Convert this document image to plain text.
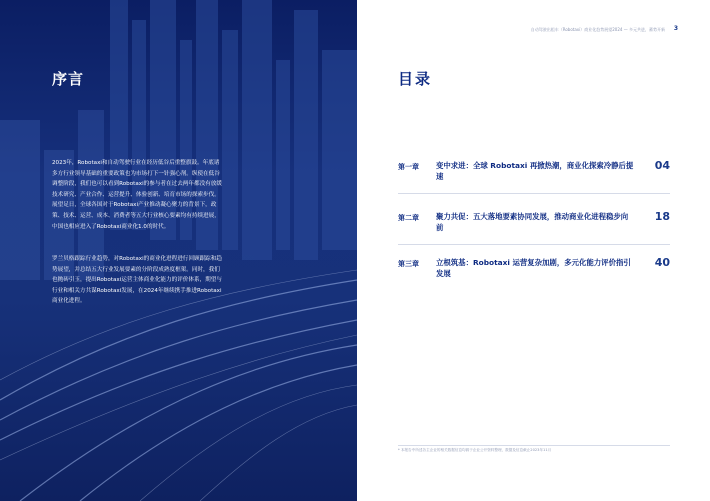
序言

2023年，Robotaxi和自动驾驶行业在经历低谷后重整旗鼓。年底诸多方行业领导基础的重要政策也为市场打下一针强心剂。纵使在低谷调整阶段，我们也可以看到Robotaxi的参与者在过去两年都没有放缓技术研究、产业合作、运营提升、体验创新、培育市场的探索步伐。展望足日，全球各国对于Robotaxi产业推动凝心聚力的背景下，政策、技术、运营、成本、消费者等五大行业核心要素均有持续进展，中国也相应进入了Robotaxi商业化1.0的时代。

罗兰贝格跟踪行业趋势，对Robotaxi的商业化进程进行回顾跟踪和趋势展望，并总结五大行业发展要素的分阶段成熟度框架。同时，我们也抛砖引玉，提出Robotaxi运营主体商业化能力的评价体系，期望与行业和相关方共谋Robotaxi发展，在2024年继续携手推进Robotaxi商业化进程。

自动驾驶出租车（Robotaxi）商业化趋势展望2024 — 多元共进，蓄势开新 3
目录
第一章 变中求进：全球 Robotaxi 再掀热潮，商业化探索冷静后提速
04
第二章 聚力共促：五大落地要素协同发展，推动商业化进程稳步向前
18
第三章 立根筑基：Robotaxi 运营复杂加剧，多元化能力评价指引发展
40
* 本报告中所述各主企业的相关数据信息均源于企业公开资料整理，数据及信息截止2023年11月
